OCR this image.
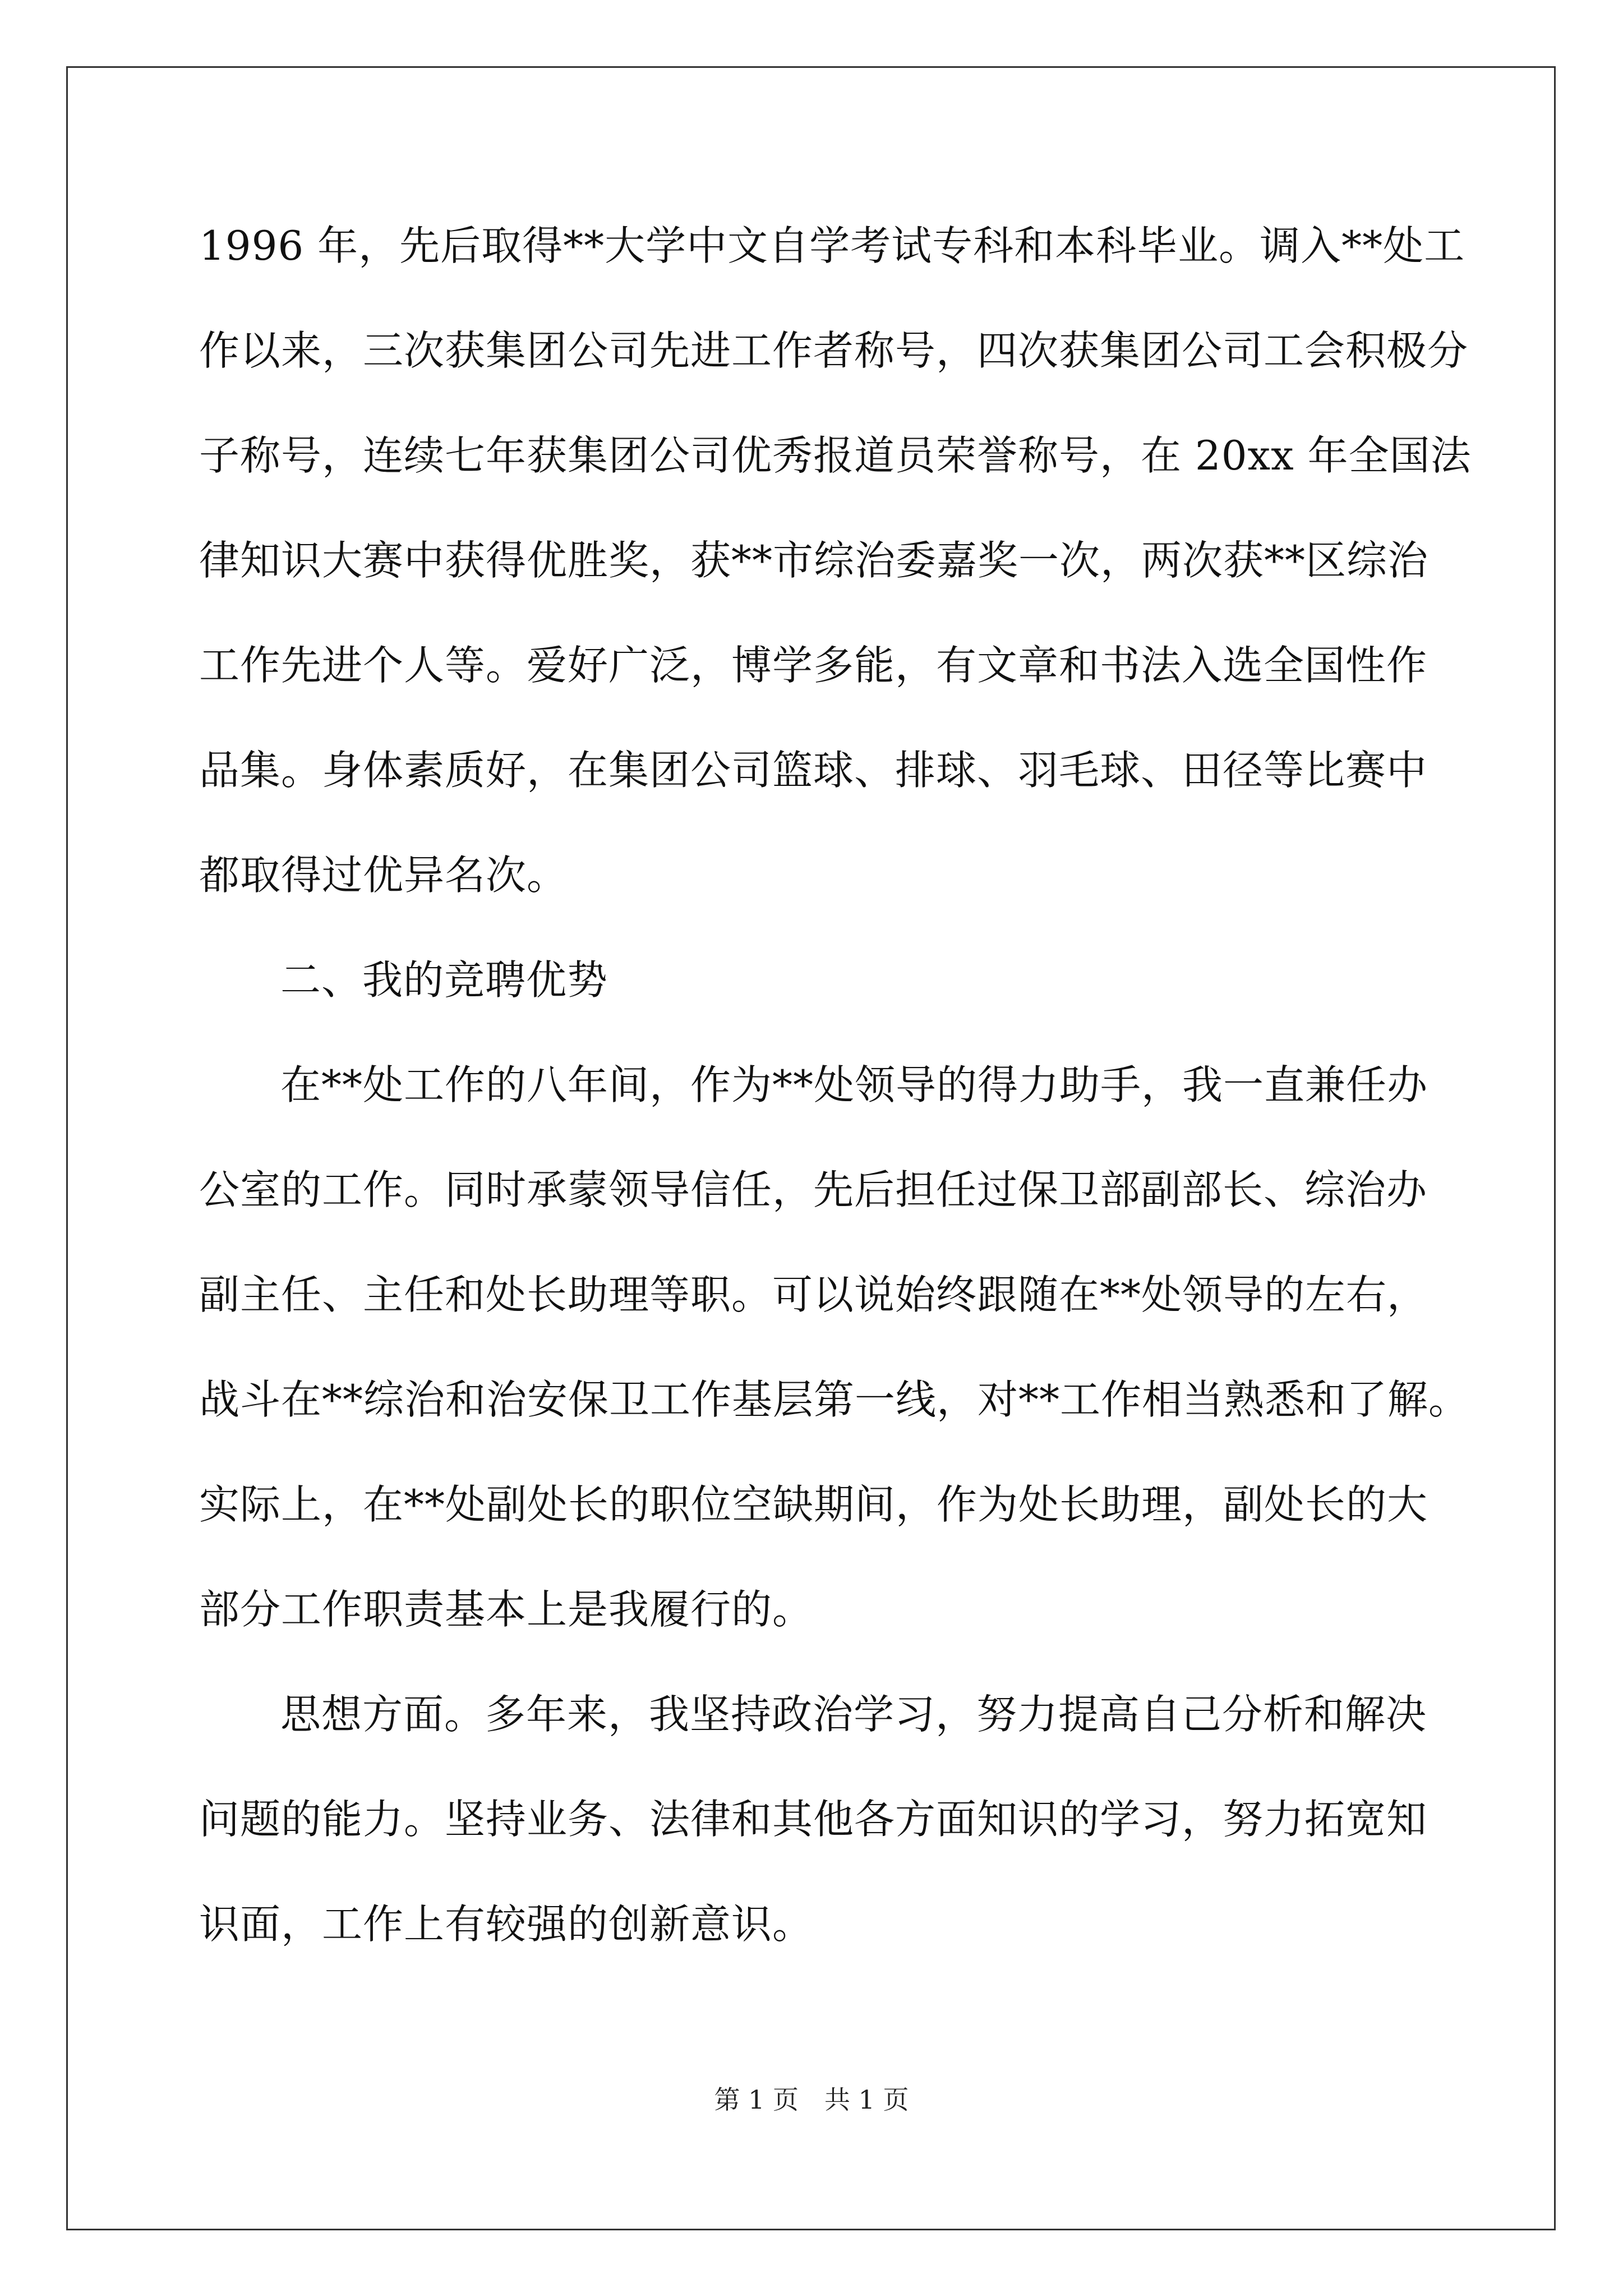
1996 年，先后取得**大学中文自学考试专科和本科毕业。调入**处工
作以来，三次获集团公司先进工作者称号，四次获集团公司工会积极分
子称号，连续七年获集团公司优秀报道员荣誉称号，在 20xx 年全国法
律知识大赛中获得优胜奖，获**市综治委嘉奖一次，两次获**区综治
工作先进个人等。爱好广泛，博学多能，有文章和书法入选全国性作
品集。身体素质好，在集团公司篮球、排球、羽毛球、田径等比赛中
都取得过优异名次。
二、我的竞聘优势
在**处工作的八年间，作为**处领导的得力助手，我一直兼任办
公室的工作。同时承蒙领导信任，先后担任过保卫部副部长、综治办
副主任、主任和处长助理等职。可以说始终跟随在**处领导的左右，
战斗在**综治和治安保卫工作基层第一线，对**工作相当熟悉和了解。
实际上，在**处副处长的职位空缺期间，作为处长助理，副处长的大
部分工作职责基本上是我履行的。
思想方面。多年来，我坚持政治学习，努力提高自己分析和解决
问题的能力。坚持业务、法律和其他各方面知识的学习，努力拓宽知
识面，工作上有较强的创新意识。
第 1 页　共 1 页
